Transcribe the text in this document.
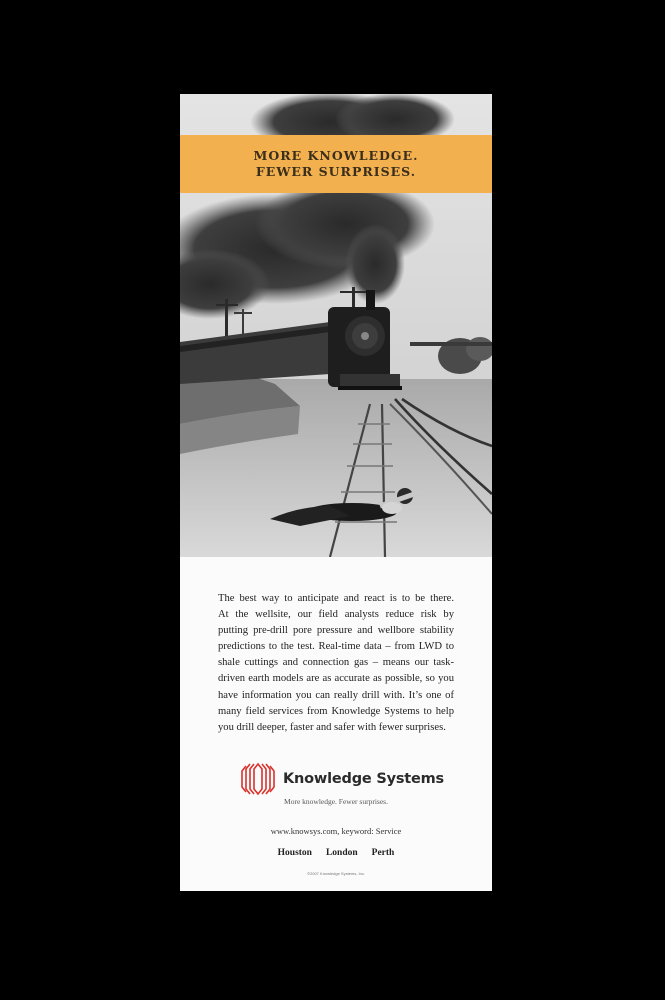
MORE KNOWLEDGE.
FEWER SURPRISES.
The best way to anticipate and react is to be there.
At the wellsite, our field analysts reduce risk by
putting pre-drill pore pressure and wellbore stability
predictions to the test. Real-time data – from LWD to
shale cuttings and connection gas – means our task-
driven earth models are as accurate as possible, so you
have information you can really drill with. It’s one of
many field services from Knowledge Systems to help
you drill deeper, faster and safer with fewer surprises.
Knowledge Systems
More knowledge. Fewer surprises.
www.knowsys.com, keyword: Service
Houston London Perth
©2007 Knowledge Systems, Inc.
